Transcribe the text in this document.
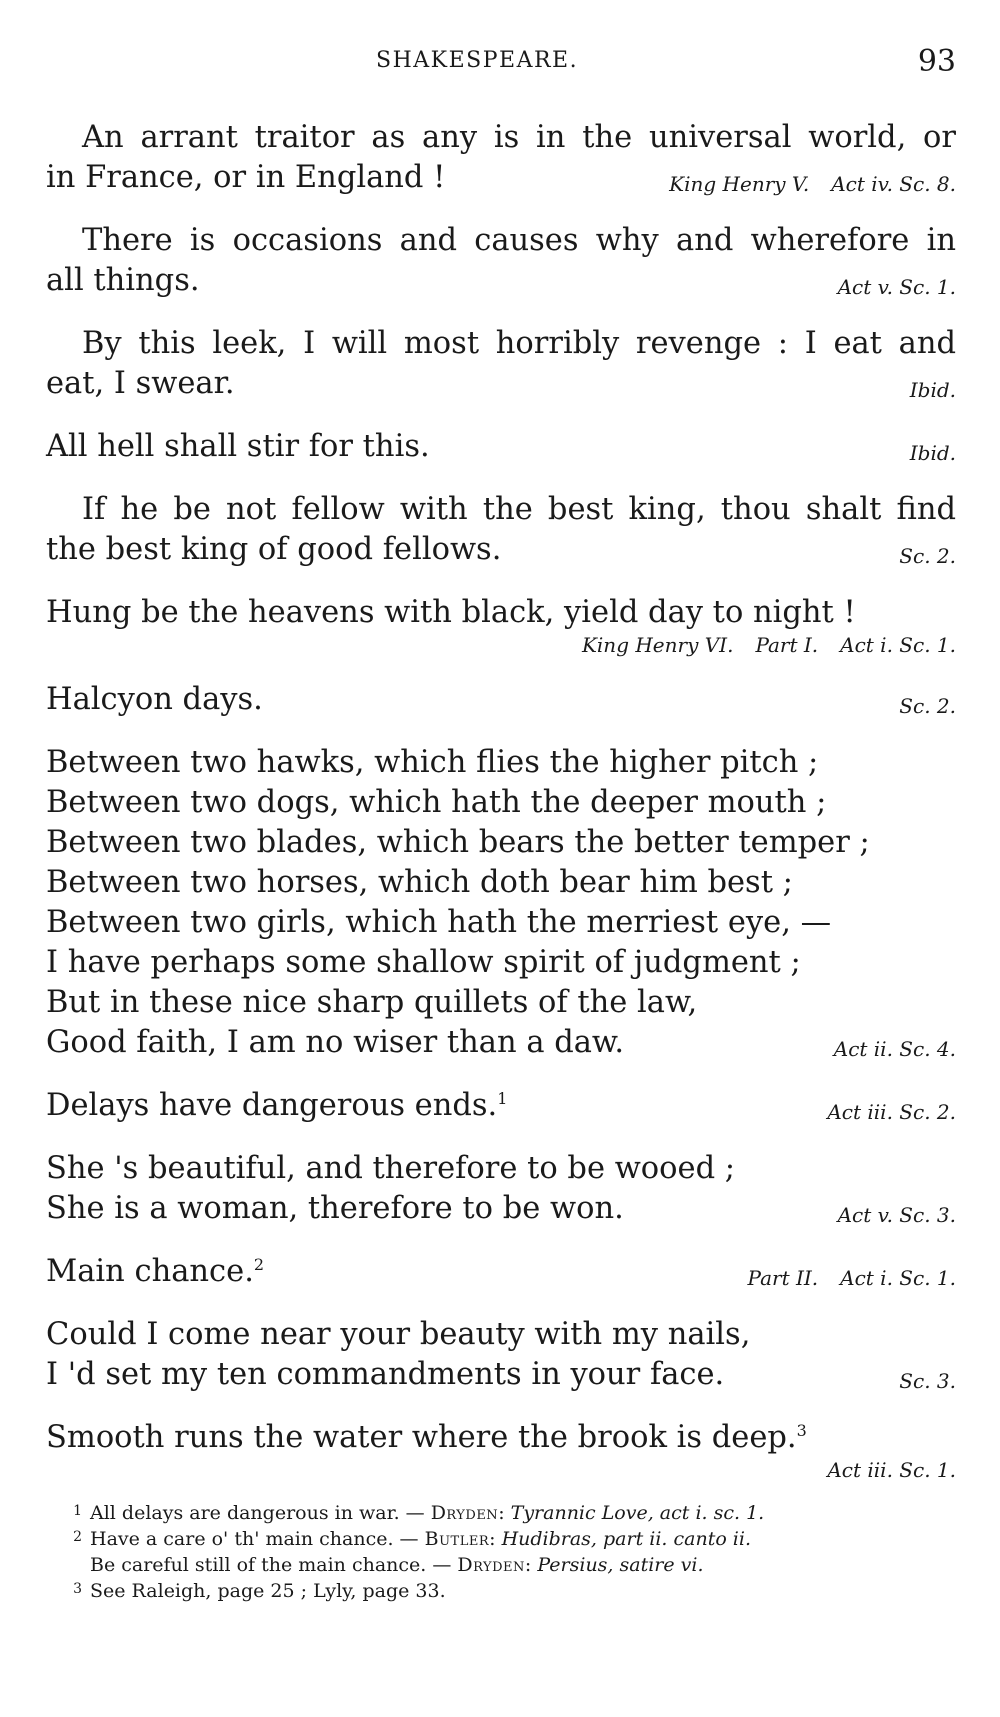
SHAKESPEARE.	93
An arrant traitor as any is in the universal world, or
in France, or in England !	King Henry V. Act iv. Sc. 8.
There is occasions and causes why and wherefore in
all things.	Act v. Sc. 1.
By this leek, I will most horribly revenge : I eat and
eat, I swear.	Ibid.
All hell shall stir for this.	Ibid.
If he be not fellow with the best king, thou shalt find
the best king of good fellows.	Sc. 2.
Hung be the heavens with black, yield day to night !
King Henry VI. Part I. Act i. Sc. 1.
Halcyon days.	Sc. 2.
Between two hawks, which flies the higher pitch ;
Between two dogs, which hath the deeper mouth ;
Between two blades, which bears the better temper ;
Between two horses, which doth bear him best ;
Between two girls, which hath the merriest eye, —
I have perhaps some shallow spirit of judgment ;
But in these nice sharp quillets of the law,
Good faith, I am no wiser than a daw.	Act ii. Sc. 4.
Delays have dangerous ends.$^1$
Act iii. Sc. 2.
She 's beautiful, and therefore to be wooed ;
She is a woman, therefore to be won.	Act v. Sc. 3.
Main chance.$^2$
Part II. Act i. Sc. 1.
Could I come near your beauty with my nails,
I 'd set my ten commandments in your face.	Sc. 3.
Smooth runs the water where the brook is deep.$^3$
Act iii. Sc. 1.
1 All delays are dangerous in war. — Dryden: Tyrannic Love, act i. sc. 1.
2 Have a care o' th' main chance. — Butler: Hudibras, part ii. canto ii.
Be careful still of the main chance. — Dryden: Persius, satire vi.
3 See Raleigh, page 25 ; Lyly, page 33.
